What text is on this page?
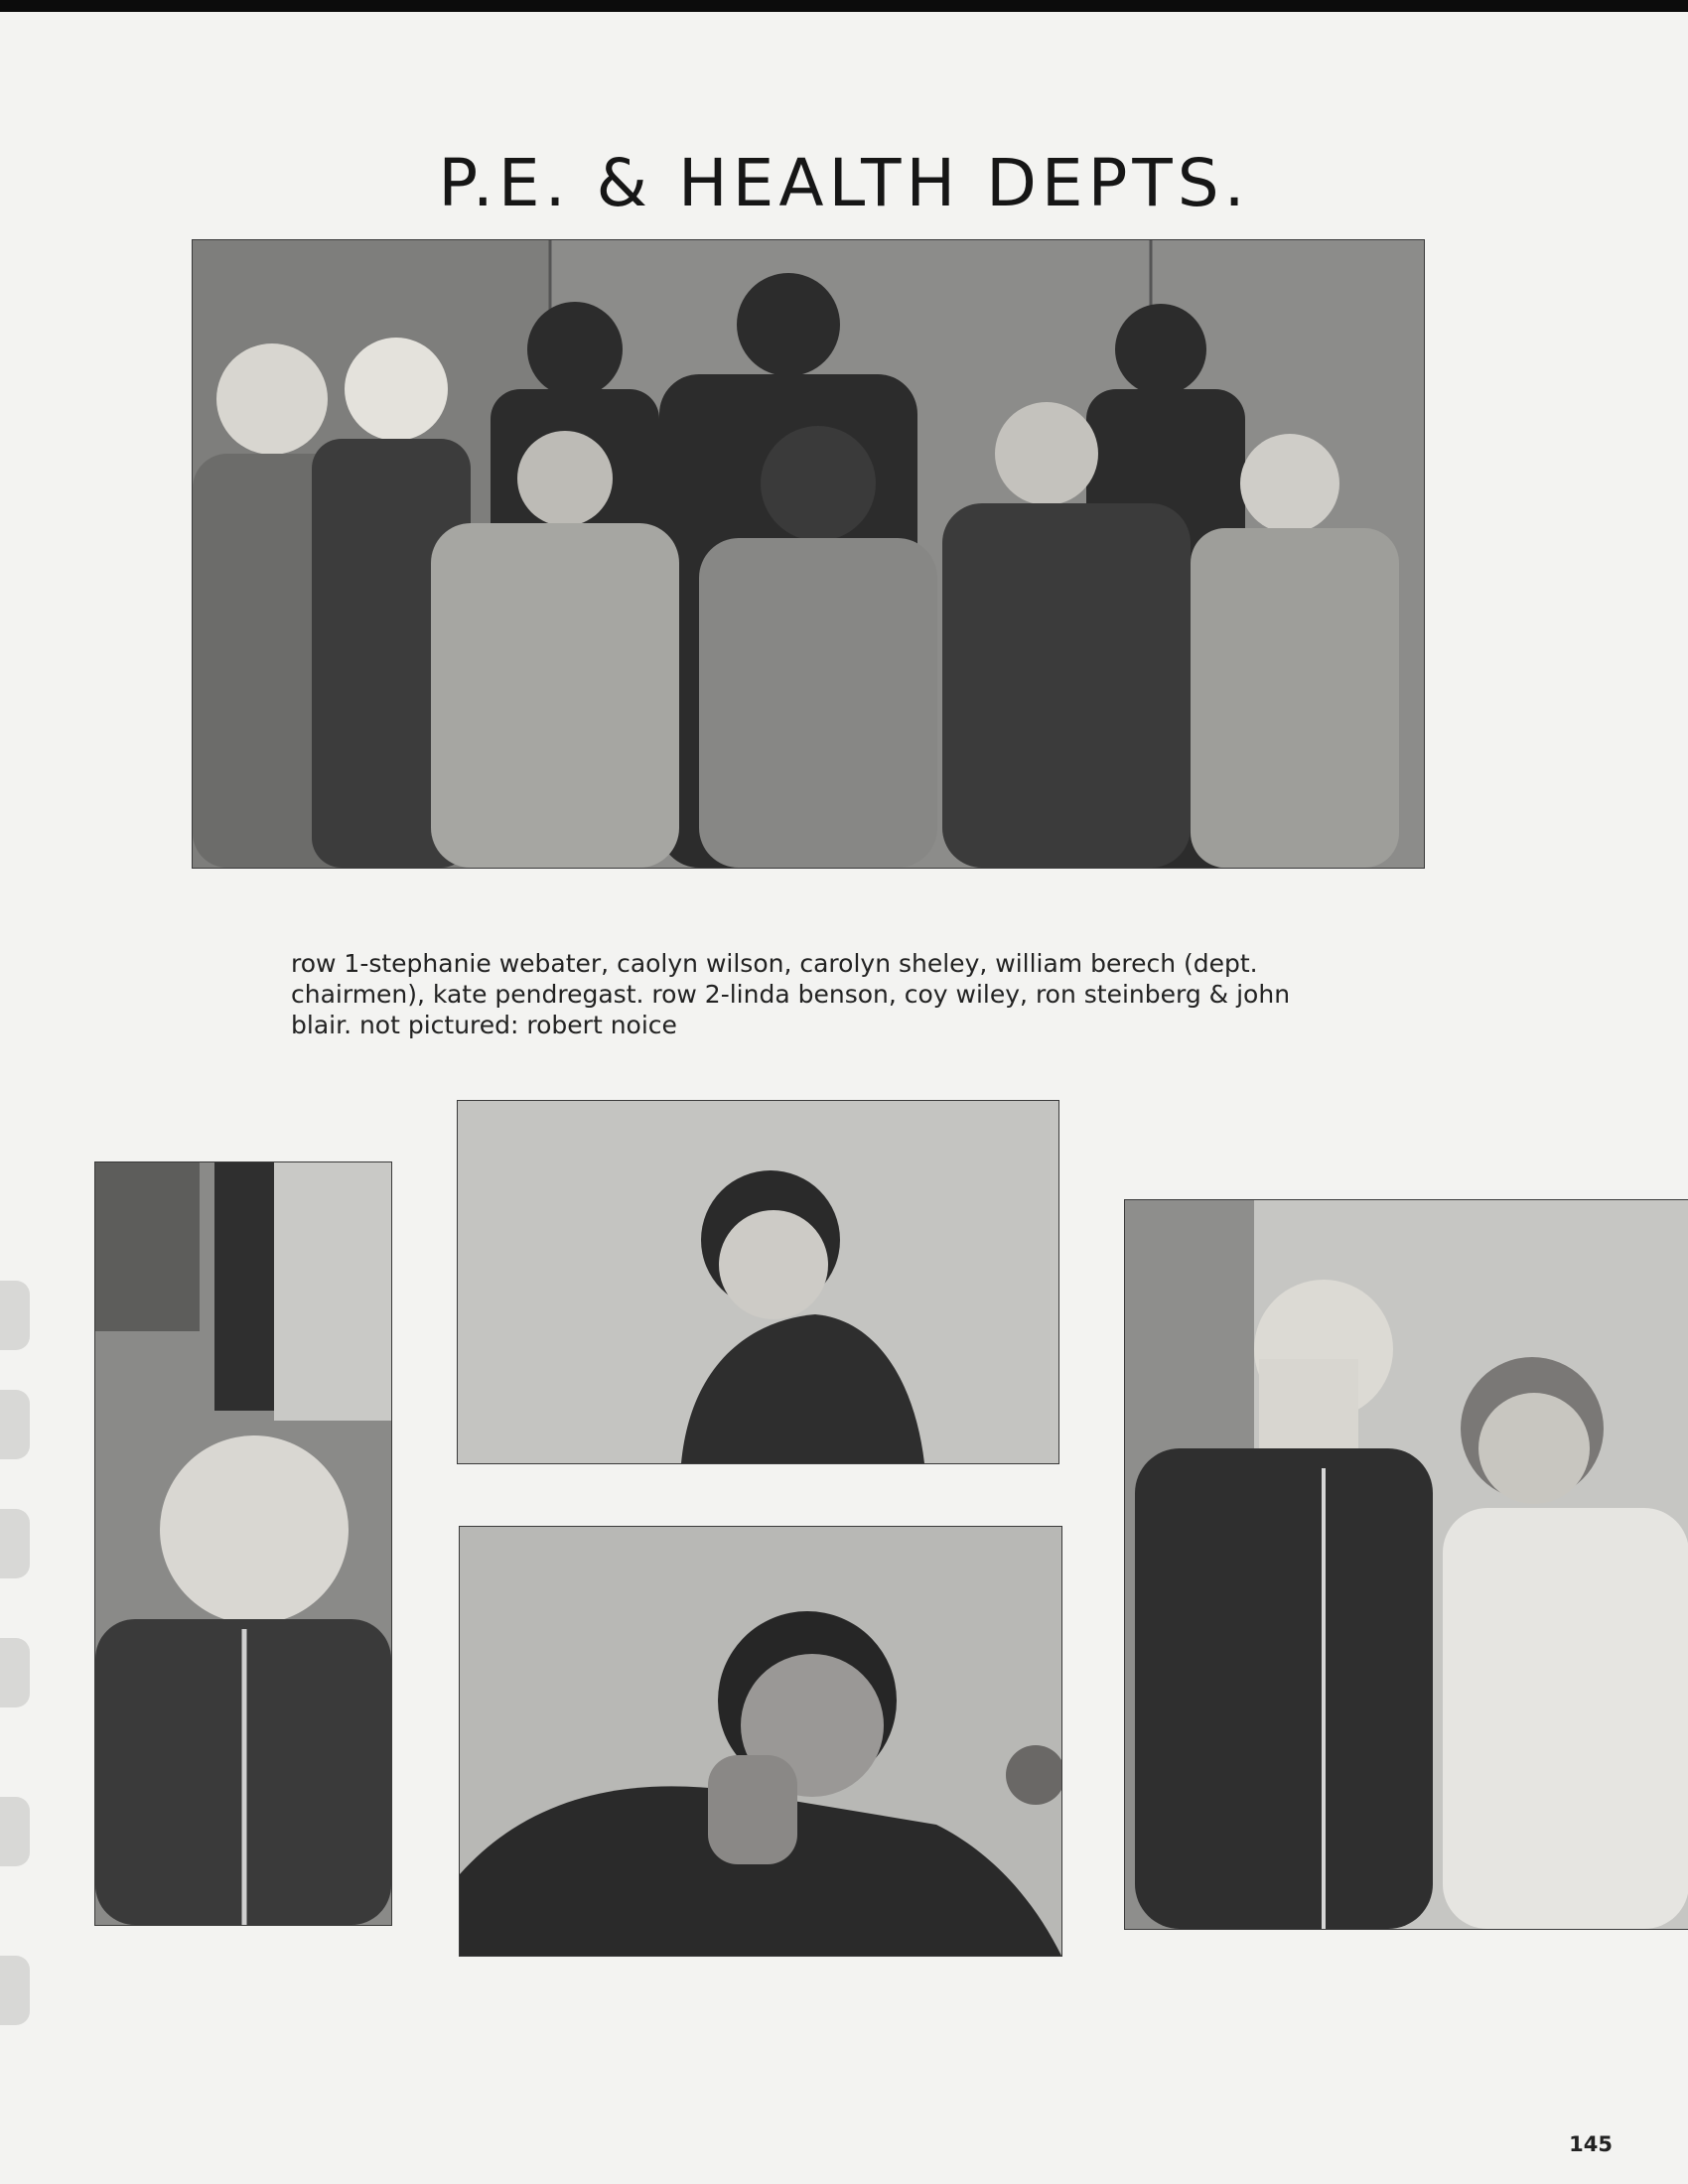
P.E. & HEALTH DEPTS.

row 1-stephanie webater, caolyn wilson, carolyn sheley, william berech (dept. chairmen), kate pendregast. row 2-linda benson, coy wiley, ron steinberg & john blair. not pictured: robert noice

145
